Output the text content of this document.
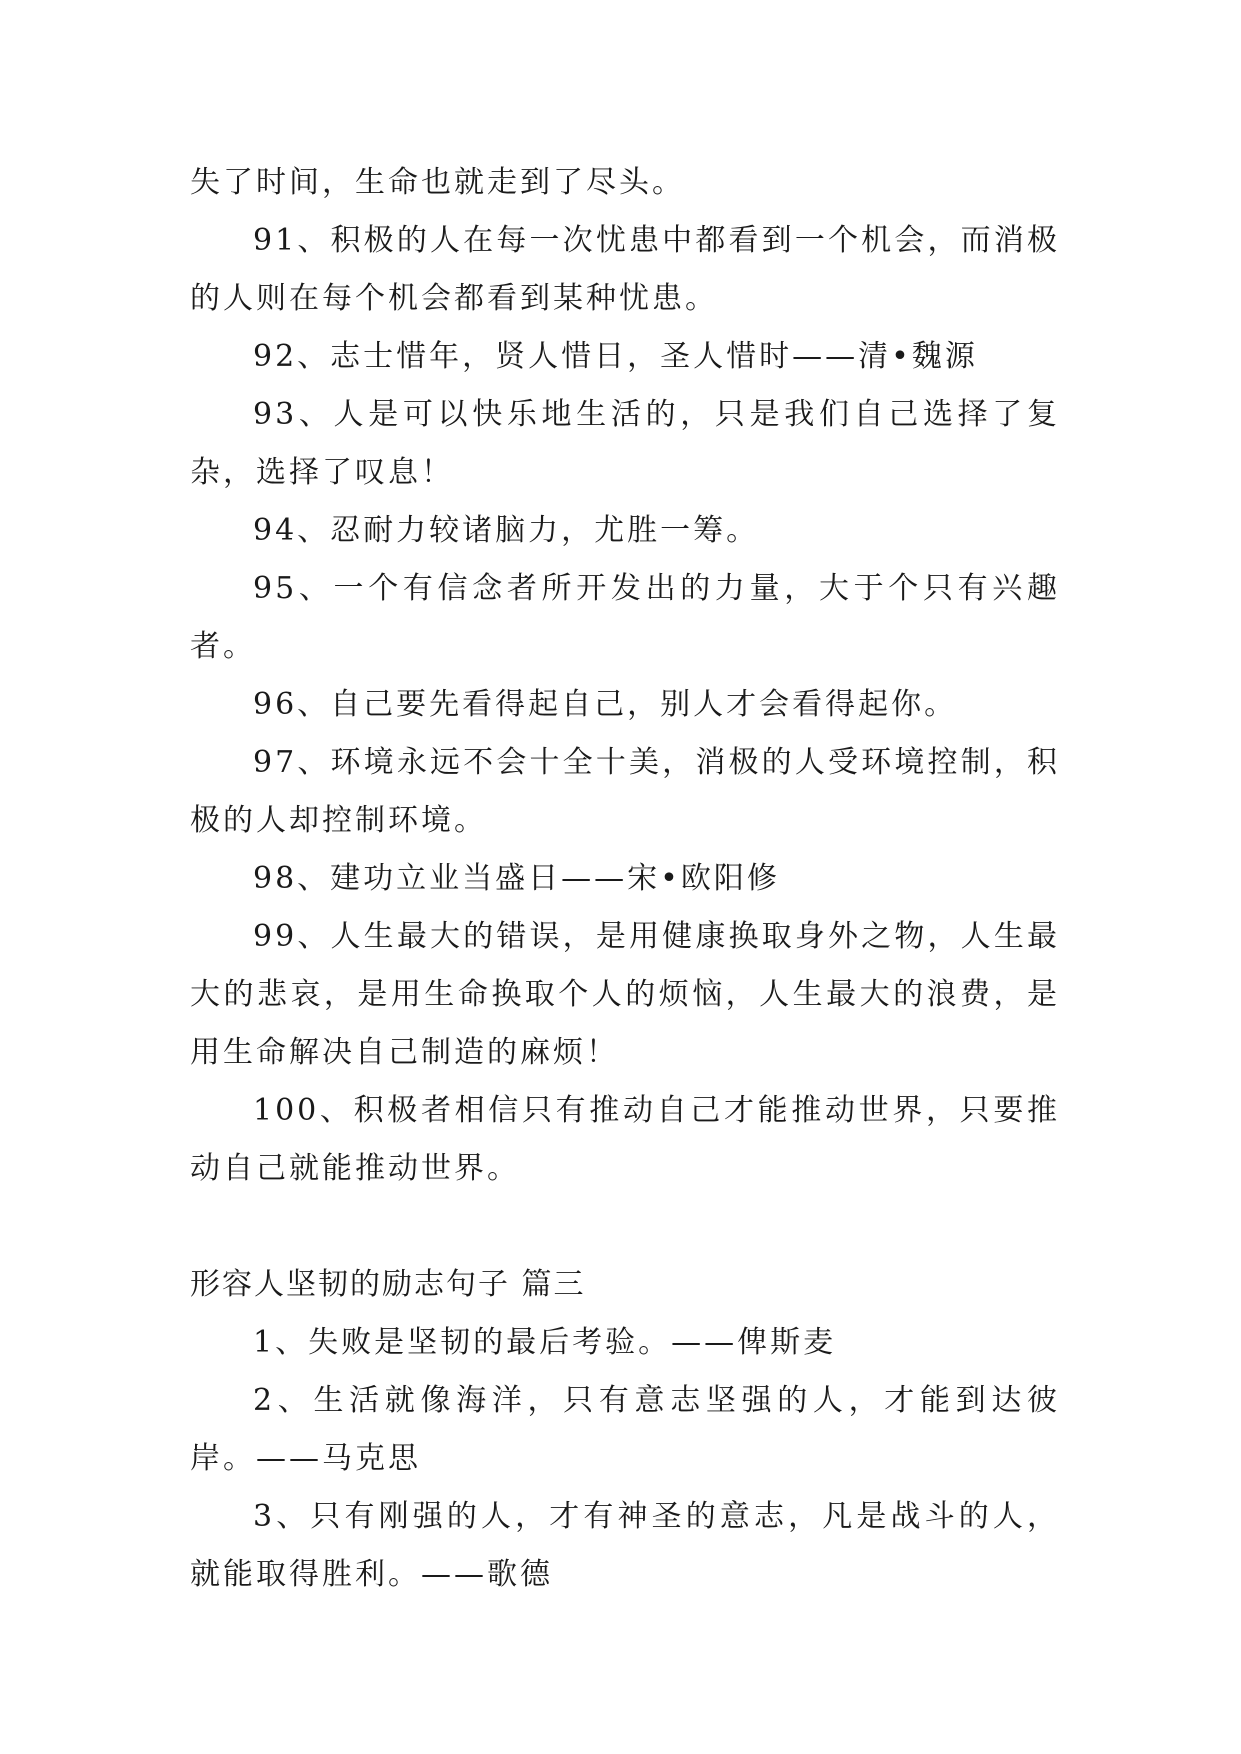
失了时间，生命也就走到了尽头。

91、积极的人在每一次忧患中都看到一个机会，而消极的人则在每个机会都看到某种忧患。

92、志士惜年，贤人惜日，圣人惜时——清•魏源

93、人是可以快乐地生活的，只是我们自己选择了复杂，选择了叹息！

94、忍耐力较诸脑力，尤胜一筹。

95、一个有信念者所开发出的力量，大于个只有兴趣者。

96、自己要先看得起自己，别人才会看得起你。

97、环境永远不会十全十美，消极的人受环境控制，积极的人却控制环境。

98、建功立业当盛日——宋•欧阳修

99、人生最大的错误，是用健康换取身外之物，人生最大的悲哀，是用生命换取个人的烦恼，人生最大的浪费，是用生命解决自己制造的麻烦！

100、积极者相信只有推动自己才能推动世界，只要推动自己就能推动世界。

形容人坚韧的励志句子 篇三

1、失败是坚韧的最后考验。——俾斯麦

2、生活就像海洋，只有意志坚强的人，才能到达彼岸。——马克思

3、只有刚强的人，才有神圣的意志，凡是战斗的人，就能取得胜利。——歌德
